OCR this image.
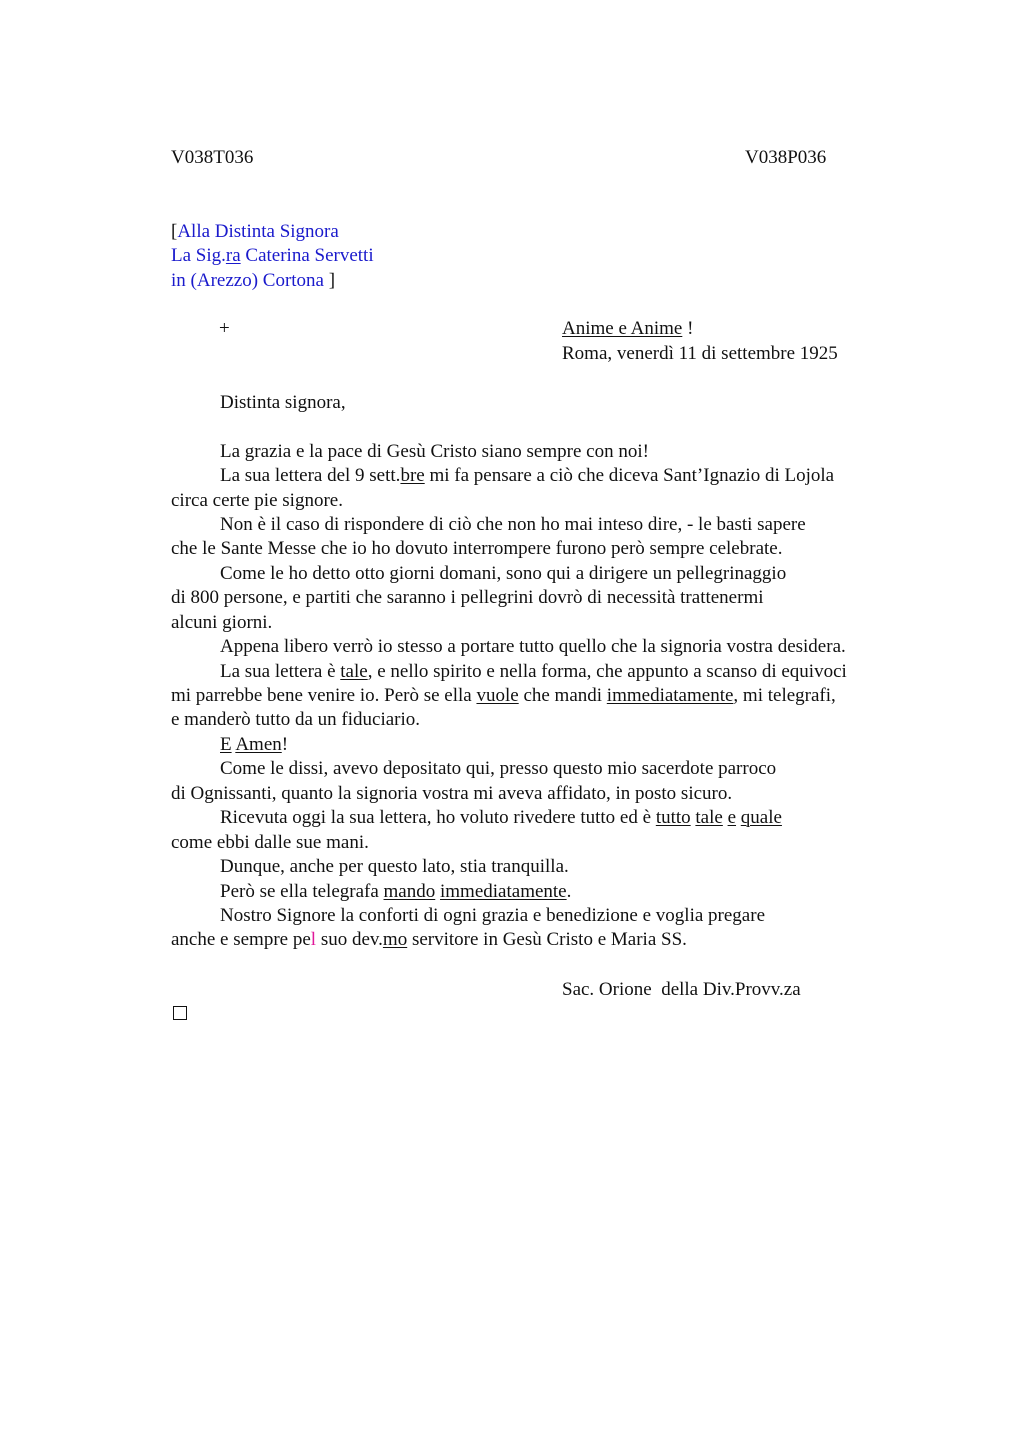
V038T036	V038P036
[Alla Distinta Signora
La Sig.ra Caterina Servetti
in (Arezzo) Cortona ]
+	Anime e Anime !
Roma, venerdì 11 di settembre 1925
Distinta signora,
La grazia e la pace di Gesù Cristo siano sempre con noi!
La sua lettera del 9 sett.bre mi fa pensare a ciò che diceva Sant’Ignazio di Lojola
circa certe pie signore.
Non è il caso di rispondere di ciò che non ho mai inteso dire, - le basti sapere
che le Sante Messe che io ho dovuto interrompere furono però sempre celebrate.
Come le ho detto otto giorni domani, sono qui a dirigere un pellegrinaggio
di 800 persone, e partiti che saranno i pellegrini dovrò di necessità trattenermi
alcuni giorni.
Appena libero verrò io stesso a portare tutto quello che la signoria vostra desidera.
La sua lettera è tale, e nello spirito e nella forma, che appunto a scanso di equivoci
mi parrebbe bene venire io. Però se ella vuole che mandi immediatamente, mi telegrafi,
e manderò tutto da un fiduciario.
E Amen!
Come le dissi, avevo depositato qui, presso questo mio sacerdote parroco
di Ognissanti, quanto la signoria vostra mi aveva affidato, in posto sicuro.
Ricevuta oggi la sua lettera, ho voluto rivedere tutto ed è tutto tale e quale
come ebbi dalle sue mani.
Dunque, anche per questo lato, stia tranquilla.
Però se ella telegrafa mando immediatamente.
Nostro Signore la conforti di ogni grazia e benedizione e voglia pregare
anche e sempre pel suo dev.mo servitore in Gesù Cristo e Maria SS.
Sac. Orione  della Div.Provv.za
